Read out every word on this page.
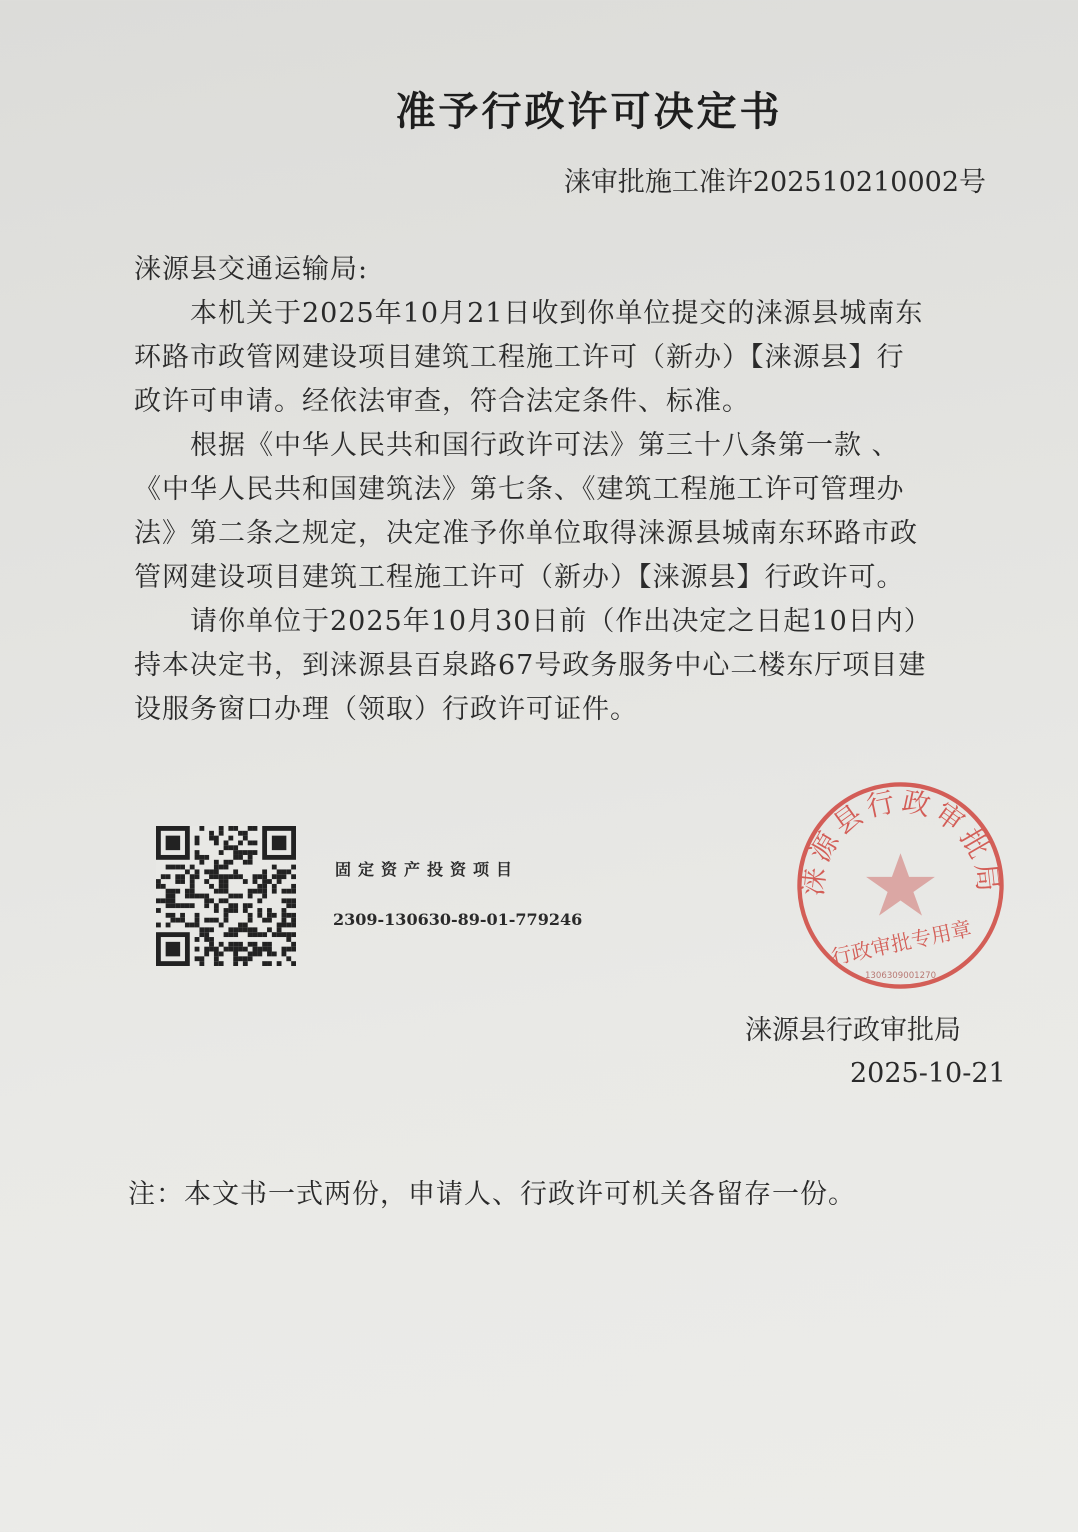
准予行政许可决定书
涞审批施工准许202510210002号
涞源县交通运输局:
　　本机关于2025年10月21日收到你单位提交的涞源县城南东
环路市政管网建设项目建筑工程施工许可（新办）【涞源县】行
政许可申请。经依法审查，符合法定条件、标准。
　　根据《中华人民共和国行政许可法》第三十八条第一款 、
《中华人民共和国建筑法》第七条、《建筑工程施工许可管理办
法》第二条之规定，决定准予你单位取得涞源县城南东环路市政
管网建设项目建筑工程施工许可（新办）【涞源县】行政许可。
　　请你单位于2025年10月30日前（作出决定之日起10日内）
持本决定书，到涞源县百泉路67号政务服务中心二楼东厅项目建
设服务窗口办理（领取）行政许可证件。
固定资产投资项目
2309-130630-89-01-779246
涞源县行政审批局
行政审批专用章
1306309001270
涞源县行政审批局
2025-10-21
注：本文书一式两份，申请人、行政许可机关各留存一份。
